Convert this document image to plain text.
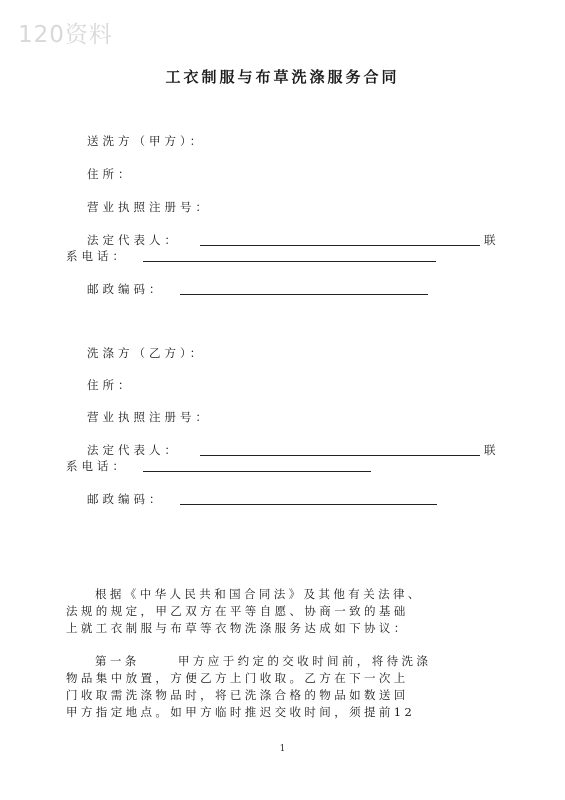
120资料
工衣制服与布草洗涤服务合同
送洗方（甲方）：
住所：
营业执照注册号：
法定代表人：	联
系电话：
邮政编码：
洗涤方（乙方）：
住所：
营业执照注册号：
法定代表人：	联
系电话：
邮政编码：
根据《中华人民共和国合同法》及其他有关法律、
法规的规定，甲乙双方在平等自愿、协商一致的基础
上就工衣制服与布草等衣物洗涤服务达成如下协议：
第一条	甲方应于约定的交收时间前，将待洗涤
物品集中放置，方便乙方上门收取。乙方在下一次上
门收取需洗涤物品时，将已洗涤合格的物品如数送回
甲方指定地点。如甲方临时推迟交收时间，须提前12
1
